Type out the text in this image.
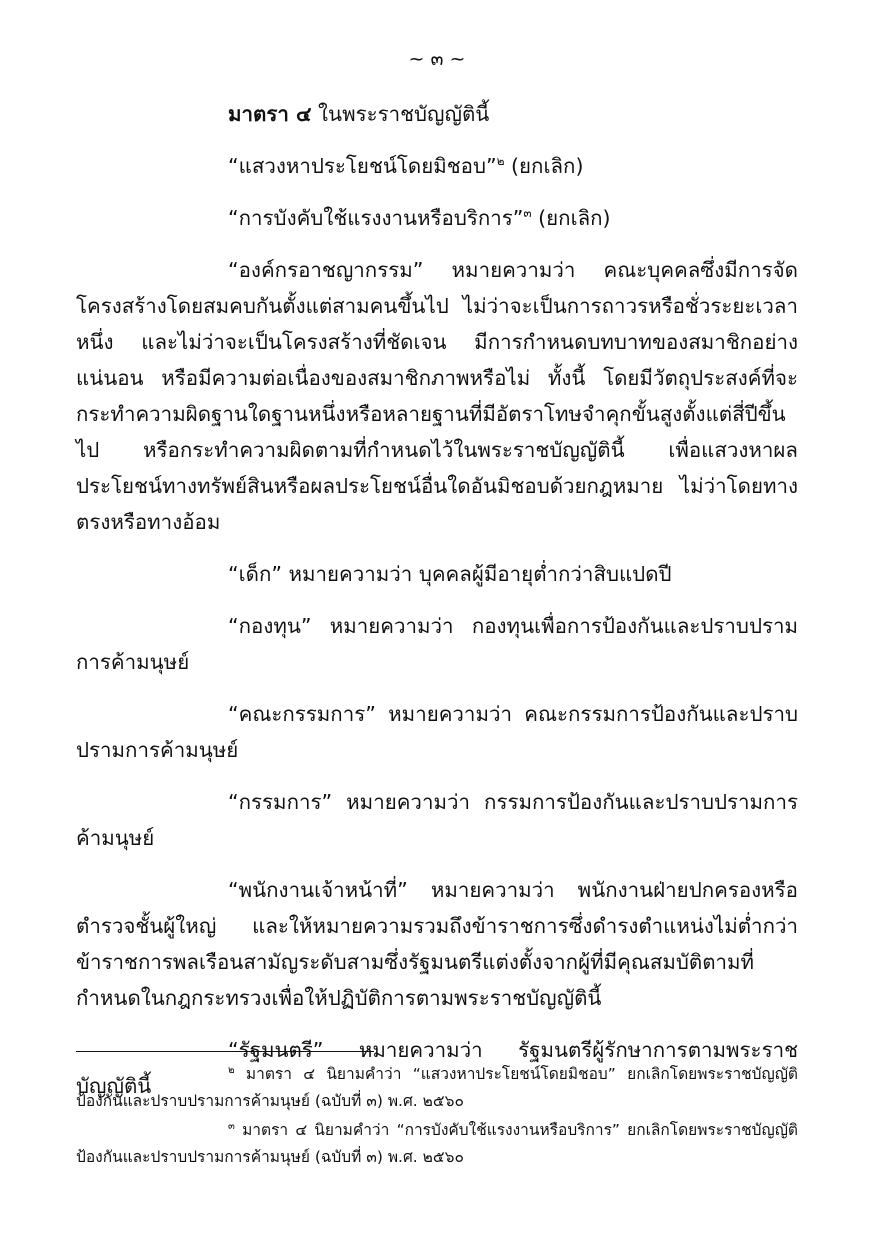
~ ๓ ~

มาตรา ๔ ในพระราชบัญญัตินี้

“แสวงหาประโยชน์โดยมิชอบ”$^๒$ (ยกเลิก)

“การบังคับใช้แรงงานหรือบริการ”$^๓$ (ยกเลิก)

“องค์กรอาชญากรรม” หมายความว่า คณะบุคคลซึ่งมีการจัดโครงสร้างโดยสมคบกันตั้งแต่สามคนขึ้นไป ไม่ว่าจะเป็นการถาวรหรือชั่วระยะเวลาหนึ่ง และไม่ว่าจะเป็นโครงสร้างที่ชัดเจน มีการกำหนดบทบาทของสมาชิกอย่างแน่นอน หรือมีความต่อเนื่องของสมาชิกภาพหรือไม่ ทั้งนี้ โดยมีวัตถุประสงค์ที่จะกระทำความผิดฐานใดฐานหนึ่งหรือหลายฐานที่มีอัตราโทษจำคุกขั้นสูงตั้งแต่สี่ปีขึ้นไป หรือกระทำความผิดตามที่กำหนดไว้ในพระราชบัญญัตินี้ เพื่อแสวงหาผลประโยชน์ทางทรัพย์สินหรือผลประโยชน์อื่นใดอันมิชอบด้วยกฎหมาย ไม่ว่าโดยทางตรงหรือทางอ้อม

“เด็ก” หมายความว่า บุคคลผู้มีอายุต่ำกว่าสิบแปดปี

“กองทุน” หมายความว่า กองทุนเพื่อการป้องกันและปราบปรามการค้ามนุษย์

“คณะกรรมการ” หมายความว่า คณะกรรมการป้องกันและปราบปรามการค้ามนุษย์

“กรรมการ” หมายความว่า กรรมการป้องกันและปราบปรามการค้ามนุษย์

“พนักงานเจ้าหน้าที่” หมายความว่า พนักงานฝ่ายปกครองหรือตำรวจชั้นผู้ใหญ่ และให้หมายความรวมถึงข้าราชการซึ่งดำรงตำแหน่งไม่ต่ำกว่าข้าราชการพลเรือนสามัญระดับสามซึ่งรัฐมนตรีแต่งตั้งจากผู้ที่มีคุณสมบัติตามที่กำหนดในกฎกระทรวงเพื่อให้ปฏิบัติการตามพระราชบัญญัตินี้

“รัฐมนตรี” หมายความว่า รัฐมนตรีผู้รักษาการตามพระราชบัญญัตินี้

$^๒$ มาตรา ๔ นิยามคำว่า “แสวงหาประโยชน์โดยมิชอบ” ยกเลิกโดยพระราชบัญญัติป้องกันและปราบปรามการค้ามนุษย์ (ฉบับที่ ๓) พ.ศ. ๒๕๖๐

$^๓$ มาตรา ๔ นิยามคำว่า “การบังคับใช้แรงงานหรือบริการ” ยกเลิกโดยพระราชบัญญัติป้องกันและปราบปรามการค้ามนุษย์ (ฉบับที่ ๓) พ.ศ. ๒๕๖๐
